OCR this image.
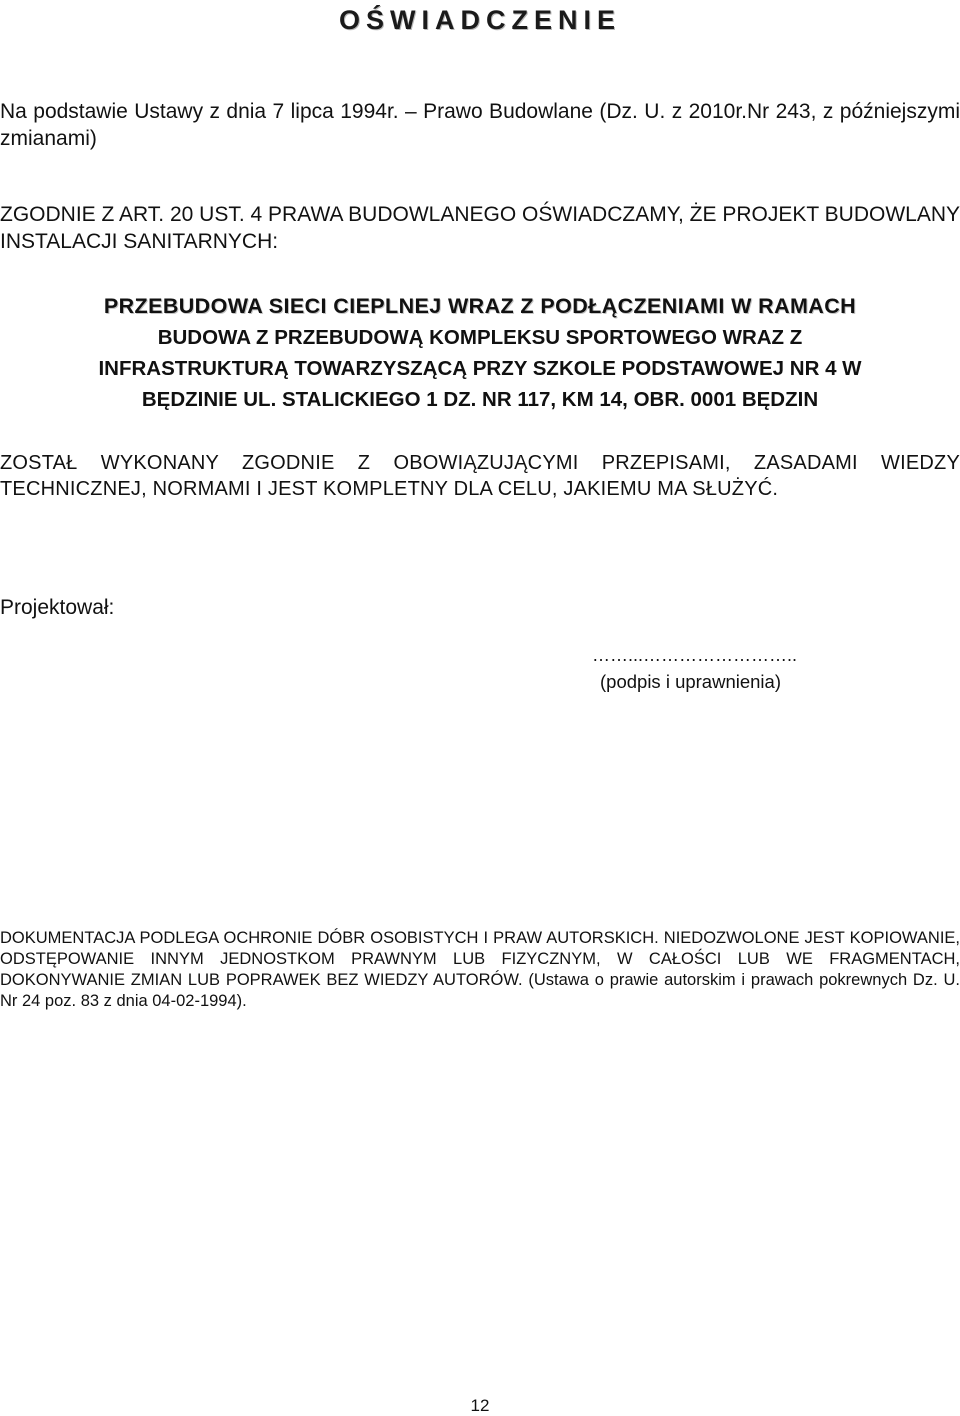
OŚWIADCZENIE

Na podstawie Ustawy z dnia 7 lipca 1994r. – Prawo Budowlane (Dz. U. z 2010r.Nr 243, z późniejszymi zmianami)

ZGODNIE Z ART. 20 UST. 4 PRAWA BUDOWLANEGO OŚWIADCZAMY, ŻE PROJEKT BUDOWLANY INSTALACJI SANITARNYCH:

PRZEBUDOWA SIECI CIEPLNEJ WRAZ Z PODŁĄCZENIAMI W RAMACH
BUDOWA Z PRZEBUDOWĄ KOMPLEKSU SPORTOWEGO WRAZ Z
INFRASTRUKTURĄ TOWARZYSZĄCĄ PRZY SZKOLE PODSTAWOWEJ NR 4 W
BĘDZINIE UL. STALICKIEGO 1 DZ. NR 117, KM 14, OBR. 0001 BĘDZIN

ZOSTAŁ WYKONANY ZGODNIE Z OBOWIĄZUJĄCYMI PRZEPISAMI, ZASADAMI WIEDZY TECHNICZNEJ, NORMAMI I JEST KOMPLETNY DLA CELU, JAKIEMU MA SŁUŻYĆ.

Projektował:
……...……………………..
(podpis i uprawnienia)

DOKUMENTACJA PODLEGA OCHRONIE DÓBR OSOBISTYCH I PRAW AUTORSKICH. NIEDOZWOLONE JEST KOPIOWANIE, ODSTĘPOWANIE INNYM JEDNOSTKOM PRAWNYM LUB FIZYCZNYM, W CAŁOŚCI LUB WE FRAGMENTACH, DOKONYWANIE ZMIAN LUB POPRAWEK BEZ WIEDZY AUTORÓW. (Ustawa o prawie autorskim i prawach pokrewnych Dz. U. Nr 24 poz. 83 z dnia 04-02-1994).

12
